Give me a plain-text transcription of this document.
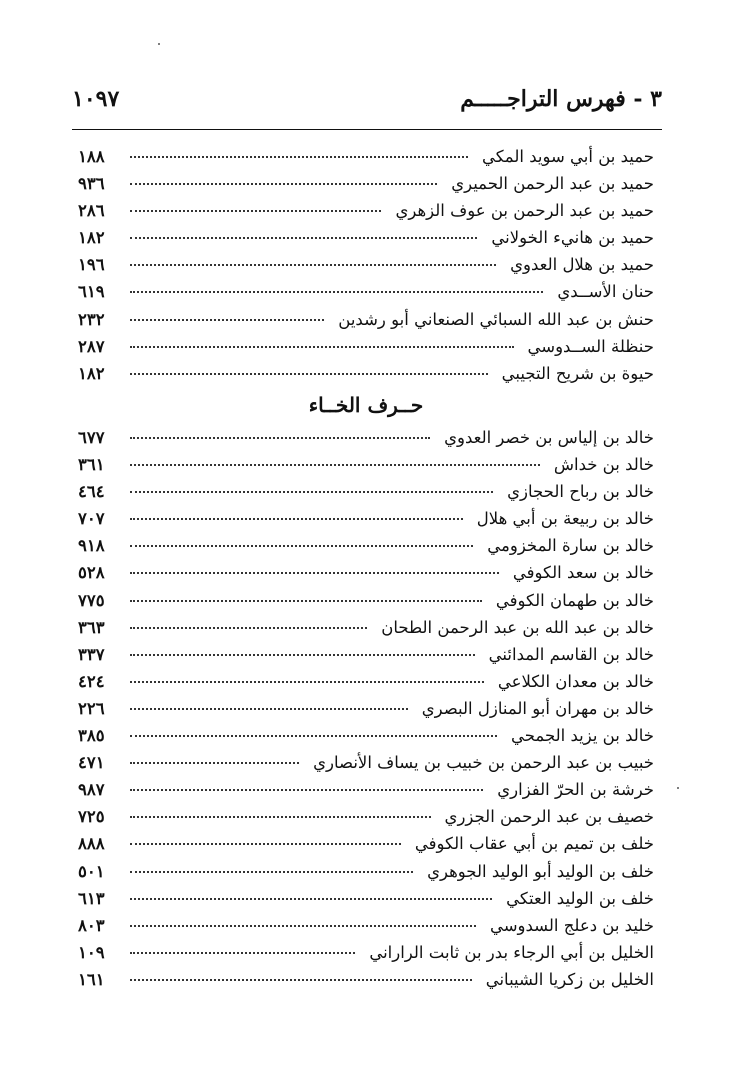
٣ - فهرس التراجـــــم
١٠٩٧
حميد بن أبي سويد المكي
١٨٨
حميد بن عبد الرحمن الحميري
٩٣٦
حميد بن عبد الرحمن بن عوف الزهري
٢٨٦
حميد بن هانيء الخولاني
١٨٢
حميد بن هلال العدوي
١٩٦
حنان الأســدي
٦١٩
حنش بن عبد الله السبائي الصنعاني أبو رشدين
٢٣٢
حنظلة الســدوسي
٢٨٧
حيوة بن شريح التجيبي
١٨٢
حــرف الخــاء
خالد بن إلياس بن خصر العدوي
٦٧٧
خالد بن خداش
٣٦١
خالد بن رباح الحجازي
٤٦٤
خالد بن ربيعة بن أبي هلال
٧٠٧
خالد بن سارة المخزومي
٩١٨
خالد بن سعد الكوفي
٥٢٨
خالد بن طهمان الكوفي
٧٧٥
خالد بن عبد الله بن عبد الرحمن الطحان
٣٦٣
خالد بن القاسم المدائني
٣٣٧
خالد بن معدان الكلاعي
٤٢٤
خالد بن مهران أبو المنازل البصري
٢٢٦
خالد بن يزيد الجمحي
٣٨٥
خبيب بن عبد الرحمن بن خبيب بن يساف الأنصاري
٤٧١
خرشة بن الحرّ الفزاري
٩٨٧
خصيف بن عبد الرحمن الجزري
٧٢٥
خلف بن تميم بن أبي عقاب الكوفي
٨٨٨
خلف بن الوليد أبو الوليد الجوهري
٥٠١
خلف بن الوليد العتكي
٦١٣
خليد بن دعلج السدوسي
٨٠٣
الخليل بن أبي الرجاء بدر بن ثابت الراراني
١٠٩
الخليل بن زكريا الشيباني
١٦١
